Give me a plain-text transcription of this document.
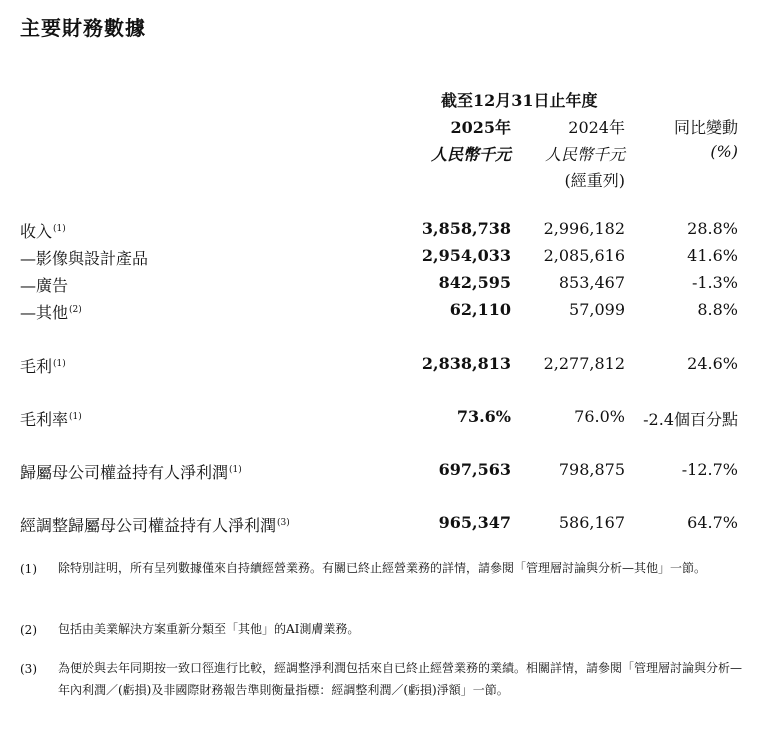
主要財務數據
截至12月31日止年度
2025年	2024年	同比變動
人民幣千元 人民幣千元	(%)
(經重列)
收入$^{(1)}$	3,858,738 2,996,182	28.8%
—影像與設計產品	2,954,033 2,085,616	41.6%
—廣告	842,595	853,467	-1.3%
—其他$^{(2)}$	62,110	57,099	8.8%
毛利$^{(1)}$	2,838,813 2,277,812	24.6%
毛利率$^{(1)}$	73.6%	76.0% -2.4個百分點
歸屬母公司權益持有人淨利潤$^{(1)}$	697,563	798,875	-12.7%
經調整歸屬母公司權益持有人淨利潤$^{(3)}$	965,347	586,167	64.7%
(1) 除特別註明，所有呈列數據僅來自持續經營業務。有關已終止經營業務的詳情，請參閱「管理層討論與分析—其他」一節。
(2) 包括由美業解決方案重新分類至「其他」的AI測膚業務。
(3) 為便於與去年同期按一致口徑進行比較，經調整淨利潤包括來自已終止經營業務的業績。相關詳情，請參閱「管理層討論與分析—年內利潤／(虧損)及非國際財務報告準則衡量指標：經調整利潤／(虧損)淨額」一節。
